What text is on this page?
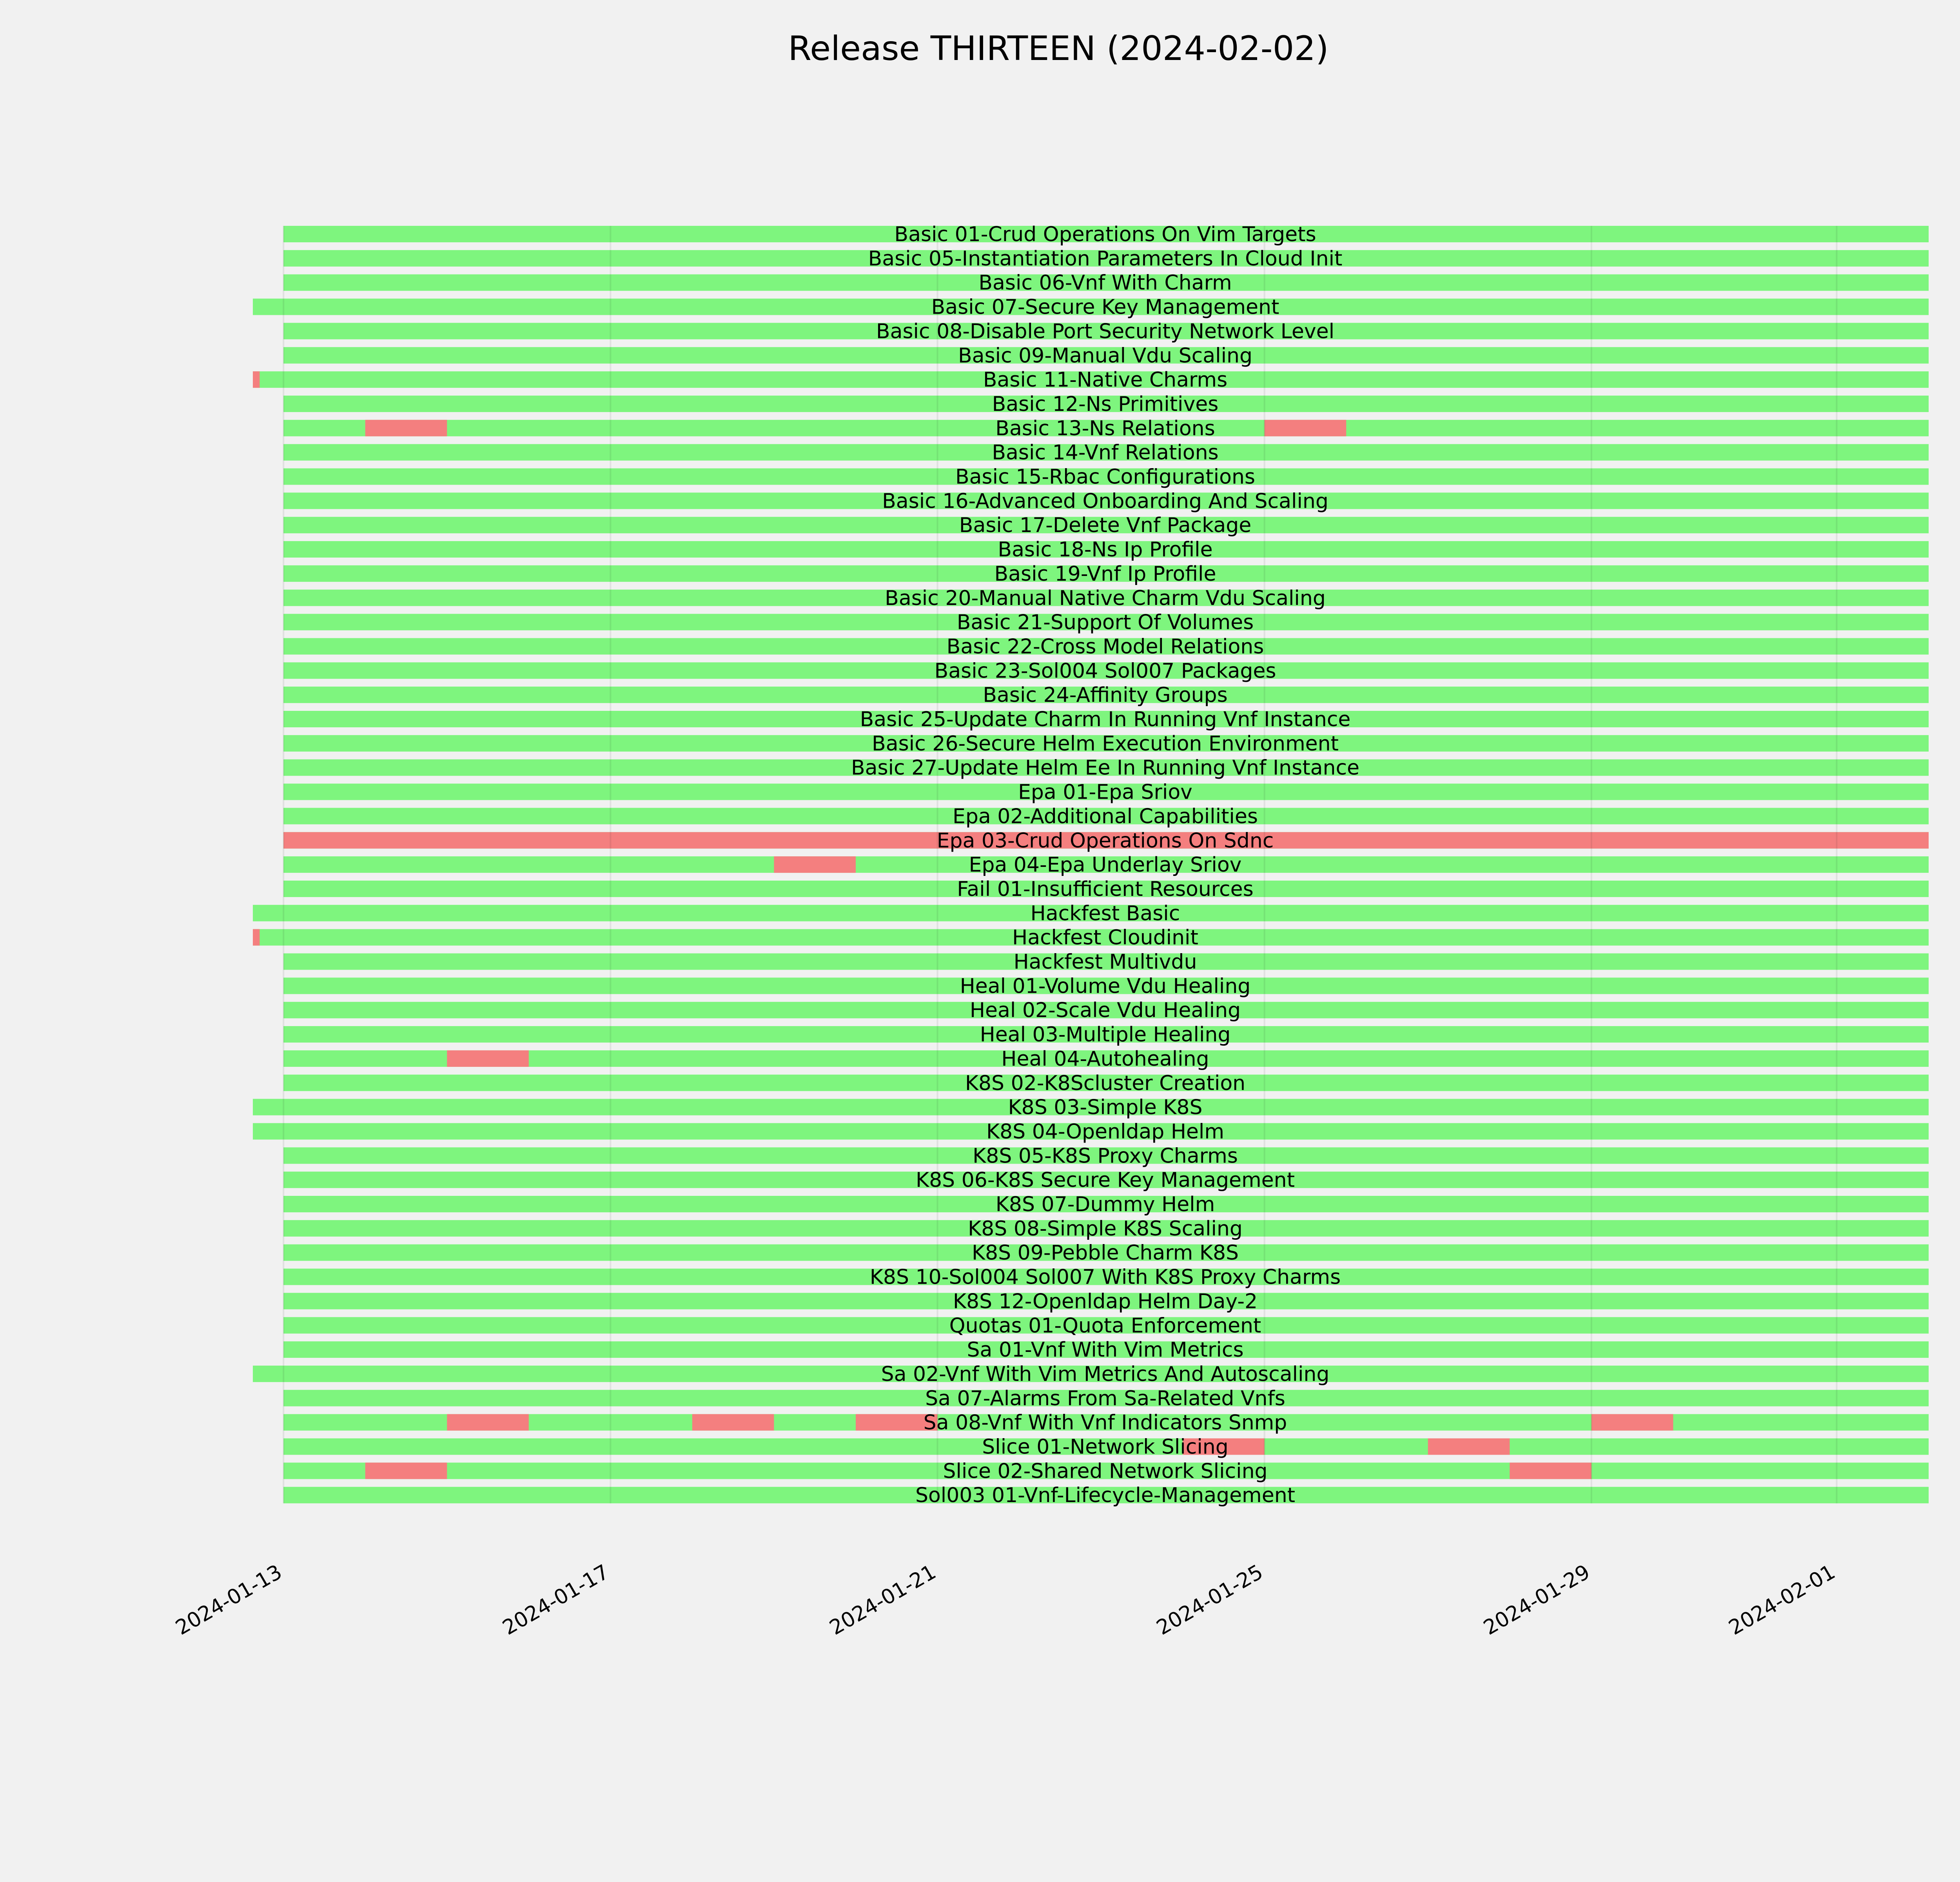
Release THIRTEEN (2024-02-02)
Basic 01-Crud Operations On Vim Targets
Basic 05-Instantiation Parameters In Cloud Init
Basic 06-Vnf With Charm
Basic 07-Secure Key Management
Basic 08-Disable Port Security Network Level
Basic 09-Manual Vdu Scaling
Basic 11-Native Charms
Basic 12-Ns Primitives
Basic 13-Ns Relations
Basic 14-Vnf Relations
Basic 15-Rbac Configurations
Basic 16-Advanced Onboarding And Scaling
Basic 17-Delete Vnf Package
Basic 18-Ns Ip Profile
Basic 19-Vnf Ip Profile
Basic 20-Manual Native Charm Vdu Scaling
Basic 21-Support Of Volumes
Basic 22-Cross Model Relations
Basic 23-Sol004 Sol007 Packages
Basic 24-Affinity Groups
Basic 25-Update Charm In Running Vnf Instance
Basic 26-Secure Helm Execution Environment
Basic 27-Update Helm Ee In Running Vnf Instance
Epa 01-Epa Sriov
Epa 02-Additional Capabilities
Epa 03-Crud Operations On Sdnc
Epa 04-Epa Underlay Sriov
Fail 01-Insufficient Resources
Hackfest Basic
Hackfest Cloudinit
Hackfest Multivdu
Heal 01-Volume Vdu Healing
Heal 02-Scale Vdu Healing
Heal 03-Multiple Healing
Heal 04-Autohealing
K8S 02-K8Scluster Creation
K8S 03-Simple K8S
K8S 04-Openldap Helm
K8S 05-K8S Proxy Charms
K8S 06-K8S Secure Key Management
K8S 07-Dummy Helm
K8S 08-Simple K8S Scaling
K8S 09-Pebble Charm K8S
K8S 10-Sol004 Sol007 With K8S Proxy Charms
K8S 12-Openldap Helm Day-2
Quotas 01-Quota Enforcement
Sa 01-Vnf With Vim Metrics
Sa 02-Vnf With Vim Metrics And Autoscaling
Sa 07-Alarms From Sa-Related Vnfs
Sa 08-Vnf With Vnf Indicators Snmp
Slice 01-Network Slicing
Slice 02-Shared Network Slicing
Sol003 01-Vnf-Lifecycle-Management
2024-01-13	2024-01-17	2024-01-21	2024-01-25	2024-01-29	2024-02-01
